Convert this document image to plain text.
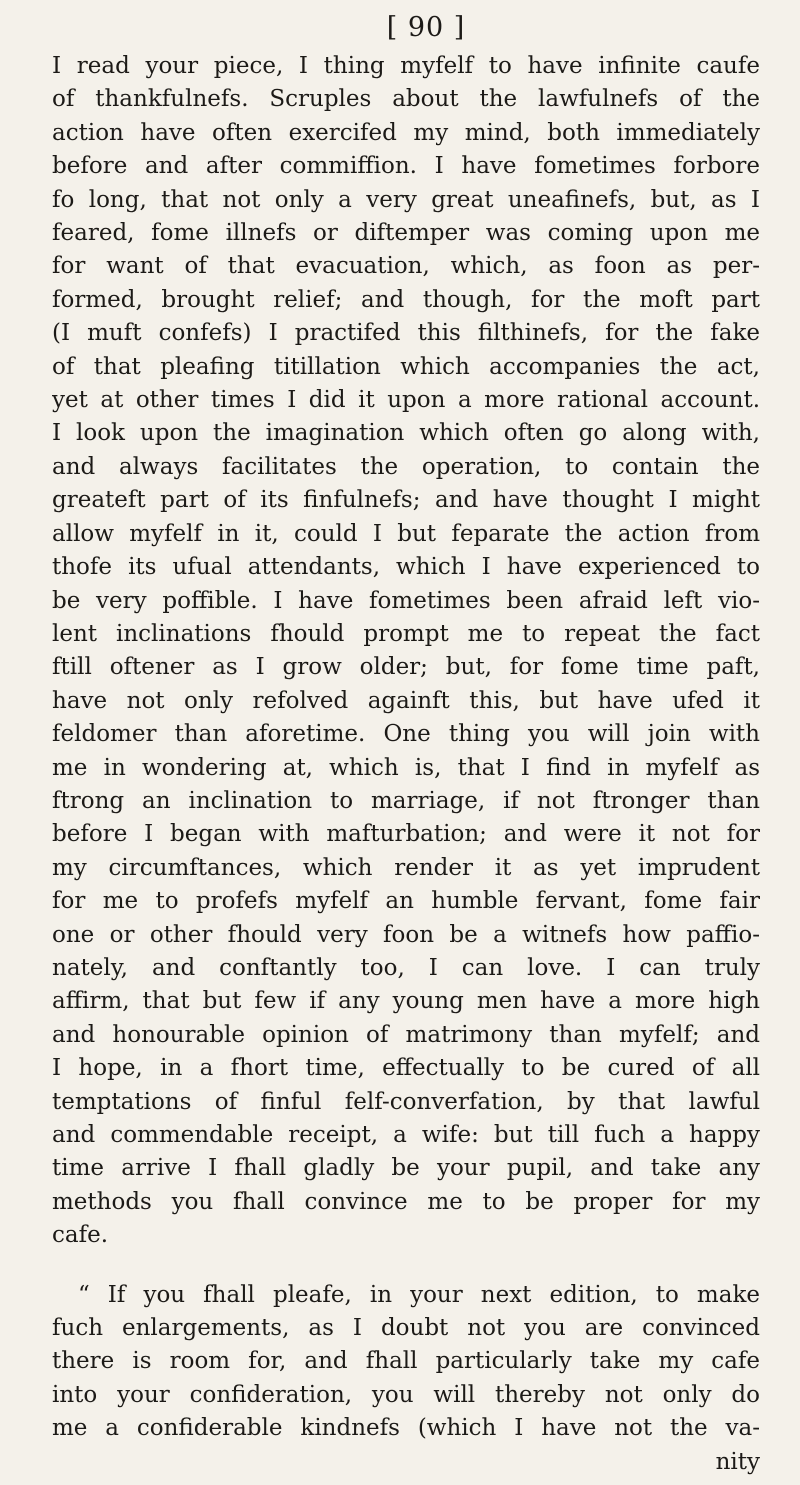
[ 90 ]
I read your piece, I thing myfelf to have infinite caufe
of thankfulnefs. Scruples about the lawfulnefs of the
action have often exercifed my mind, both immediately
before and after commiffion. I have fometimes forbore
fo long, that not only a very great uneafinefs, but, as I
feared, fome illnefs or diftemper was coming upon me
for want of that evacuation, which, as foon as per-
formed, brought relief; and though, for the moft part
(I muft confefs) I practifed this filthinefs, for the fake
of that pleafing titillation which accompanies the act,
yet at other times I did it upon a more rational account.
I look upon the imagination which often go along with,
and always facilitates the operation, to contain the
greateft part of its finfulnefs; and have thought I might
allow myfelf in it, could I but feparate the action from
thofe its ufual attendants, which I have experienced to
be very poffible. I have fometimes been afraid left vio-
lent inclinations fhould prompt me to repeat the fact
ftill oftener as I grow older; but, for fome time paft,
have not only refolved againft this, but have ufed it
feldomer than aforetime. One thing you will join with
me in wondering at, which is, that I find in myfelf as
ftrong an inclination to marriage, if not ftronger than
before I began with mafturbation; and were it not for
my circumftances, which render it as yet imprudent
for me to profefs myfelf an humble fervant, fome fair
one or other fhould very foon be a witnefs how paffio-
nately, and conftantly too, I can love. I can truly
affirm, that but few if any young men have a more high
and honourable opinion of matrimony than myfelf; and
I hope, in a fhort time, effectually to be cured of all
temptations of finful felf-converfation, by that lawful
and commendable receipt, a wife: but till fuch a happy
time arrive I fhall gladly be your pupil, and take any
methods you fhall convince me to be proper for my
cafe.
“ If you fhall pleafe, in your next edition, to make
fuch enlargements, as I doubt not you are convinced
there is room for, and fhall particularly take my cafe
into your confideration, you will thereby not only do
me a confiderable kindnefs (which I have not the va-
nity
